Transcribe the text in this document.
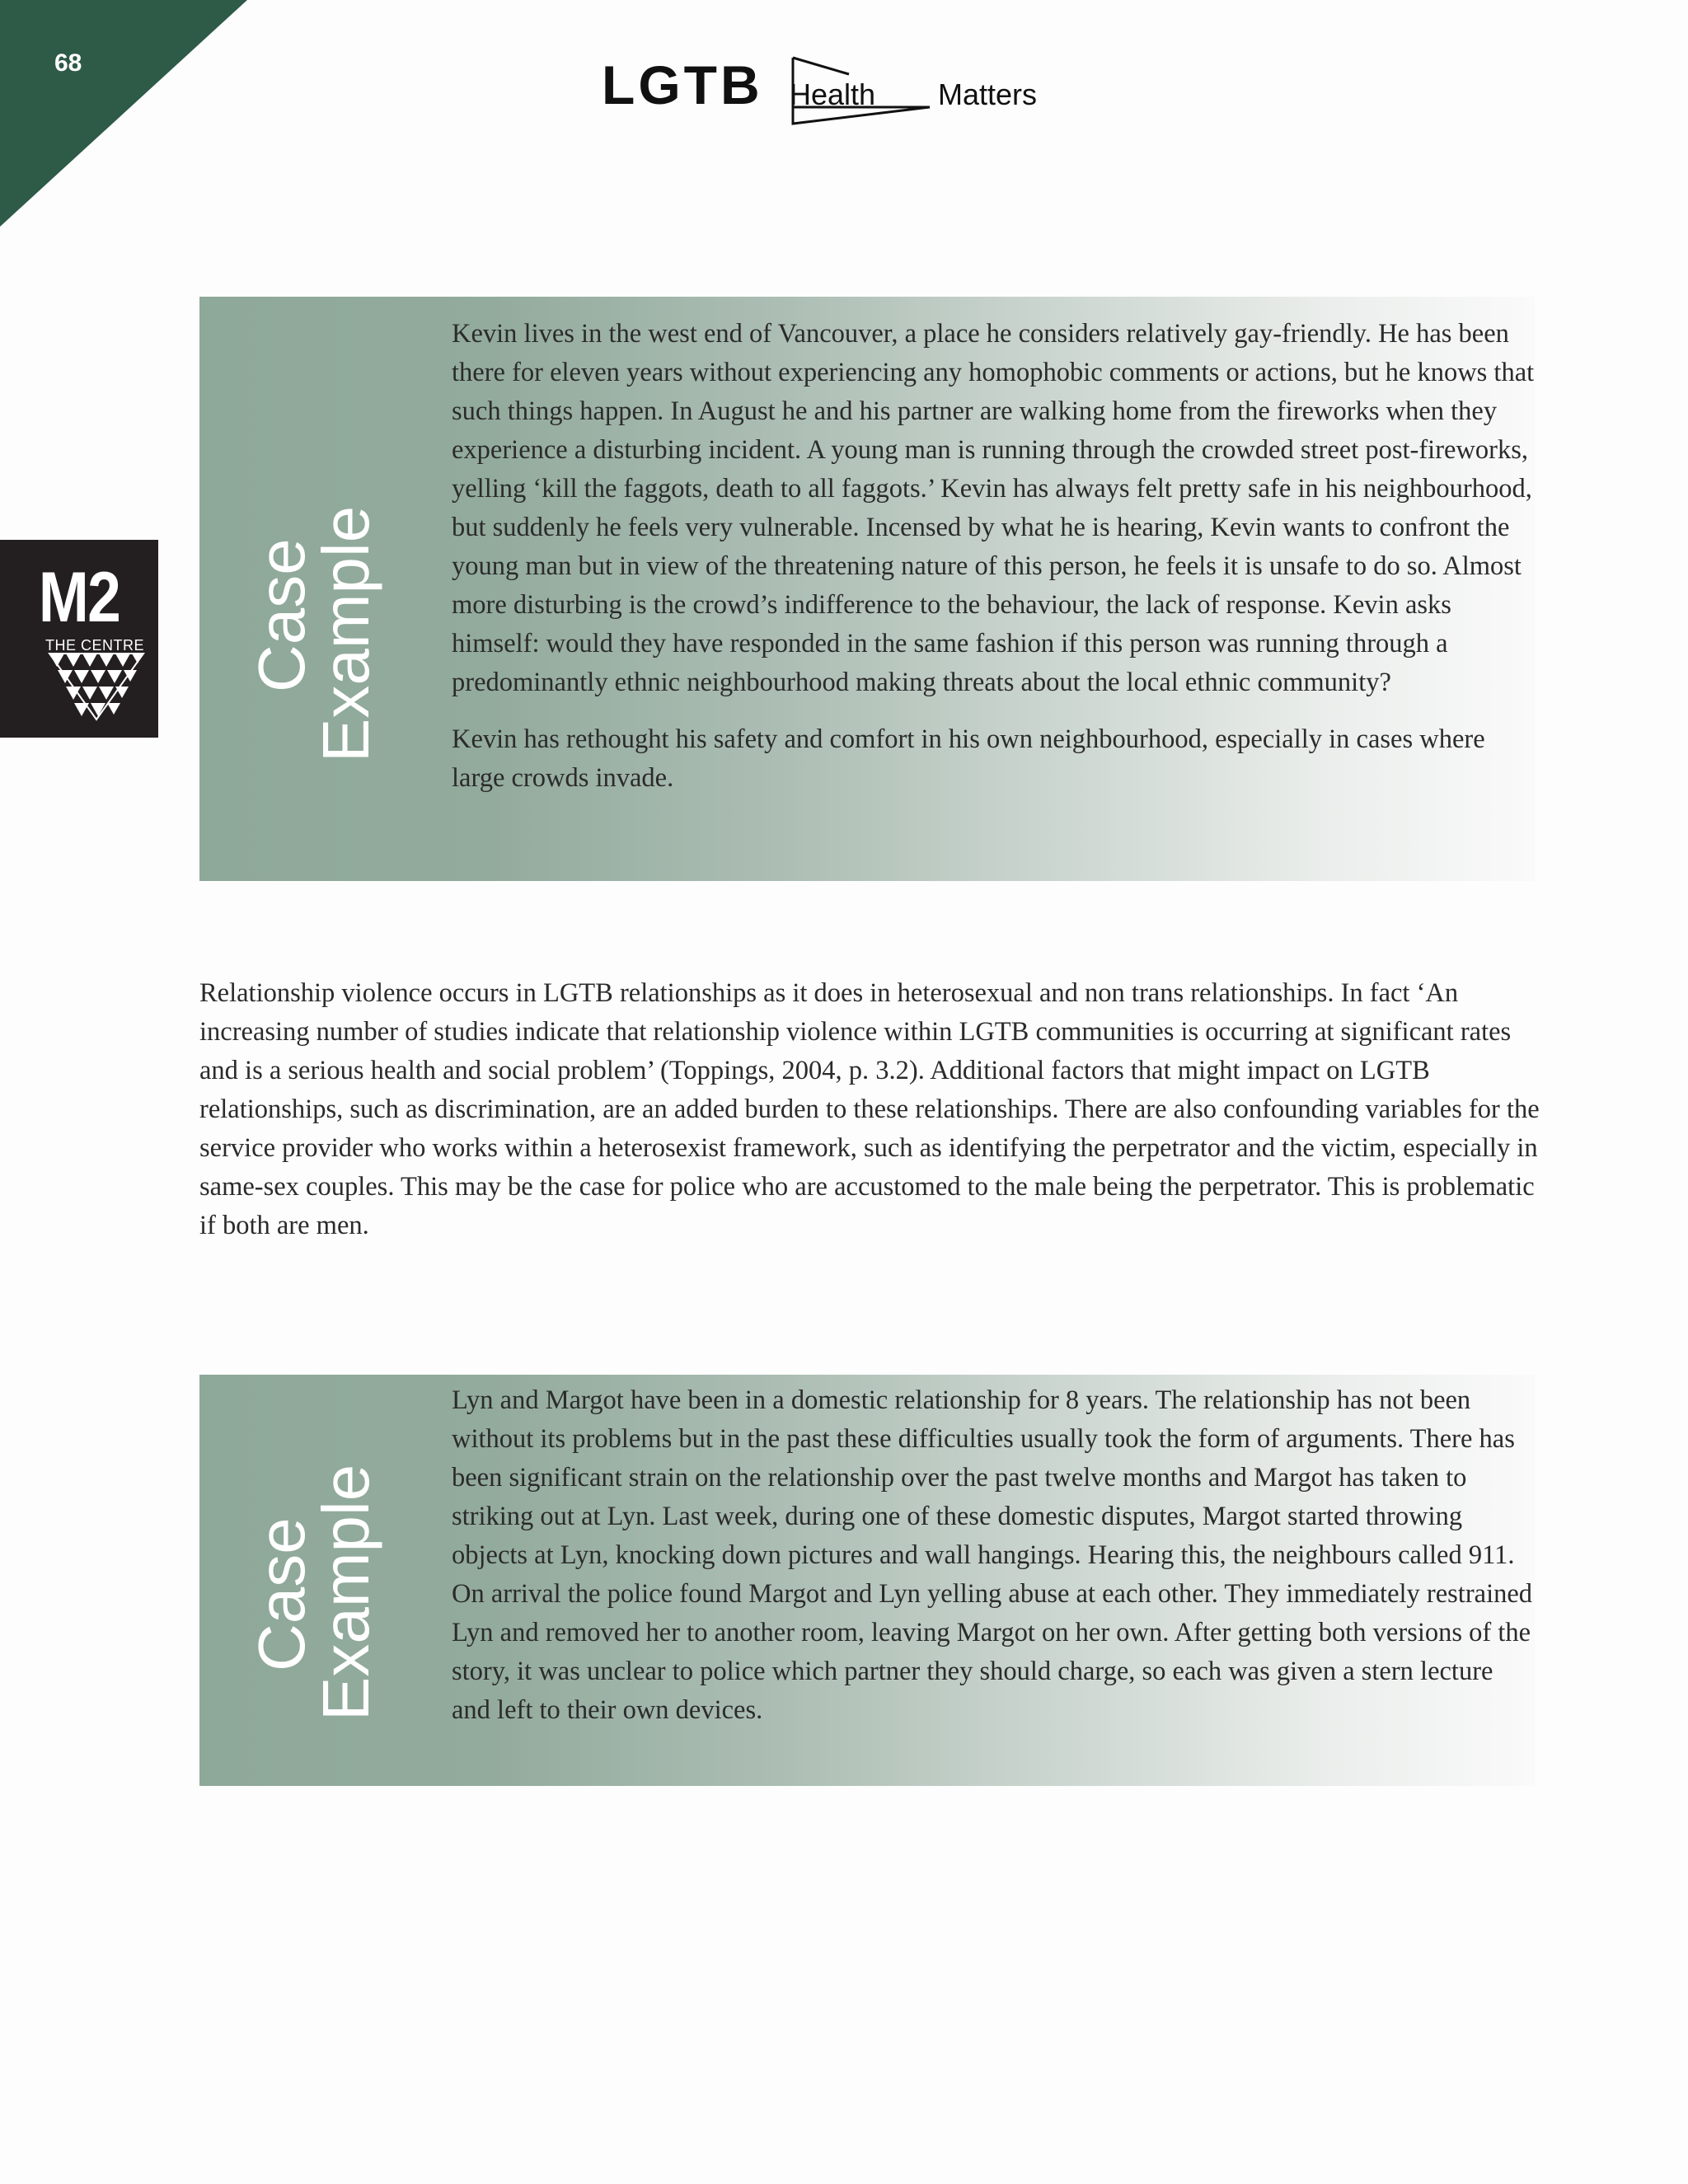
68	LGTB Health Matters
M2
THE CENTRE Case
Example

Kevin lives in the west end of Vancouver, a place he considers relatively gay-friendly. He has been there for eleven years without experiencing any homophobic comments or actions, but he knows that such things happen. In August he and his partner are walking home from the fireworks when they experience a disturbing incident. A young man is running through the crowded street post-fireworks, yelling ‘kill the faggots, death to all faggots.’ Kevin has always felt pretty safe in his neighbourhood, but suddenly he feels very vulnerable. Incensed by what he is hearing, Kevin wants to confront the young man but in view of the threatening nature of this person, he feels it is unsafe to do so. Almost more disturbing is the crowd’s indifference to the behaviour, the lack of response. Kevin asks himself: would they have responded in the same fashion if this person was running through a predominantly ethnic neighbourhood making threats about the local ethnic community?

Kevin has rethought his safety and comfort in his own neighbourhood, especially in cases where large crowds invade.

Relationship violence occurs in LGTB relationships as it does in heterosexual and non trans relationships. In fact ‘An increasing number of studies indicate that relationship violence within LGTB communities is occurring at significant rates and is a serious health and social problem’ (Toppings, 2004, p. 3.2). Additional factors that might impact on LGTB relationships, such as discrimination, are an added burden to these relationships. There are also confounding variables for the service provider who works within a heterosexist framework, such as identifying the perpetrator and the victim, especially in same-sex couples. This may be the case for police who are accustomed to the male being the perpetrator. This is problematic if both are men.

Case
Example

Lyn and Margot have been in a domestic relationship for 8 years. The relationship has not been without its problems but in the past these difficulties usually took the form of arguments. There has been significant strain on the relationship over the past twelve months and Margot has taken to striking out at Lyn. Last week, during one of these domestic disputes, Margot started throwing objects at Lyn, knocking down pictures and wall hangings. Hearing this, the neighbours called 911. On arrival the police found Margot and Lyn yelling abuse at each other. They immediately restrained Lyn and removed her to another room, leaving Margot on her own. After getting both versions of the story, it was unclear to police which partner they should charge, so each was given a stern lecture and left to their own devices.
